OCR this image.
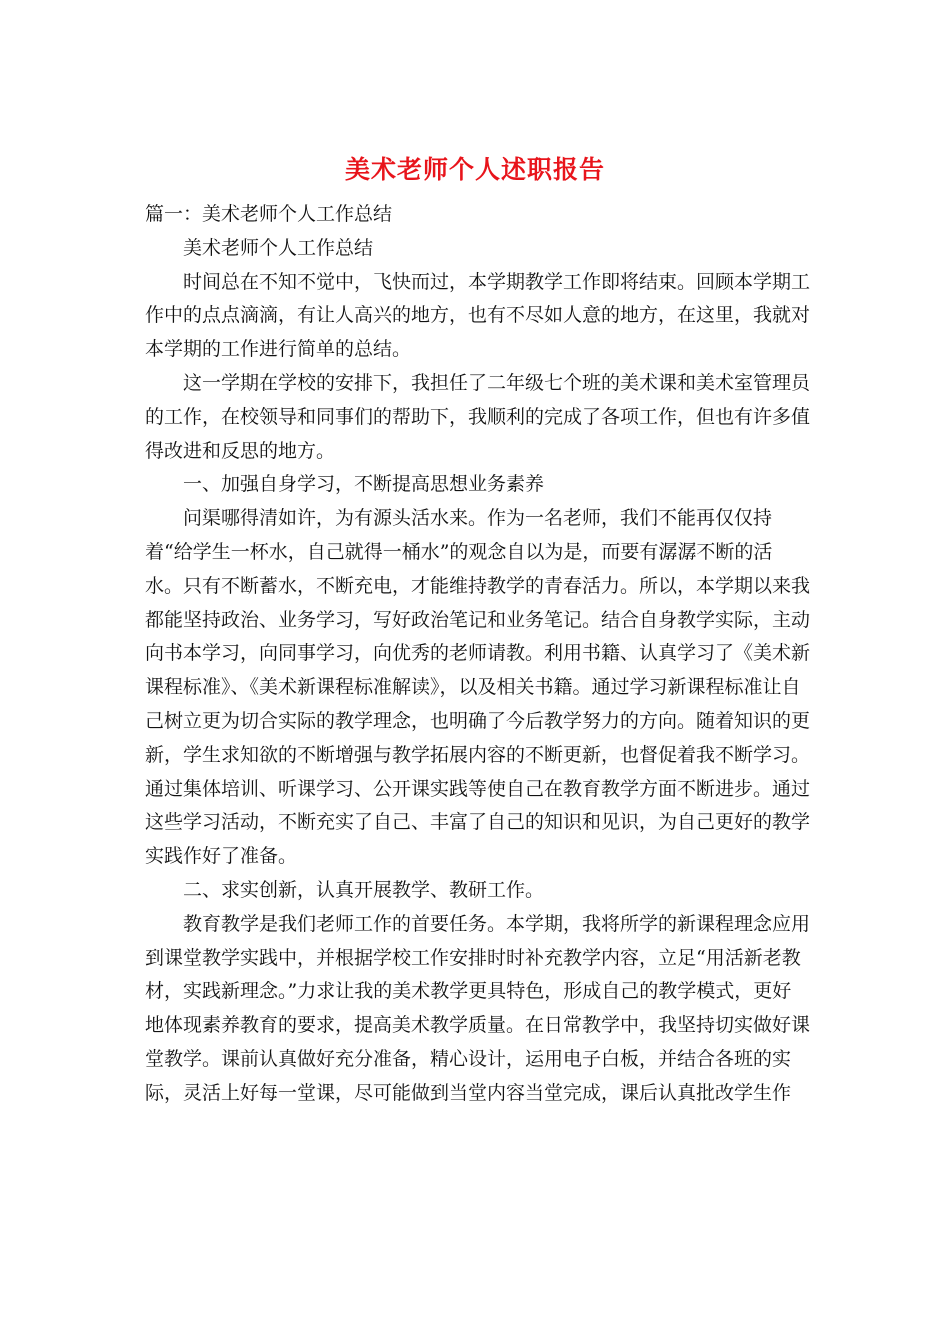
美术老师个人述职报告

篇一：美术老师个人工作总结

美术老师个人工作总结

时间总在不知不觉中，飞快而过，本学期教学工作即将结束。回顾本学期工作中的点点滴滴，有让人高兴的地方，也有不尽如人意的地方，在这里，我就对本学期的工作进行简单的总结。

这一学期在学校的安排下，我担任了二年级七个班的美术课和美术室管理员的工作，在校领导和同事们的帮助下，我顺利的完成了各项工作，但也有许多值得改进和反思的地方。

一、加强自身学习，不断提高思想业务素养

问渠哪得清如许，为有源头活水来。作为一名老师，我们不能再仅仅持着“给学生一杯水，自己就得一桶水”的观念自以为是，而要有潺潺不断的活水。只有不断蓄水，不断充电，才能维持教学的青春活力。所以，本学期以来我都能坚持政治、业务学习，写好政治笔记和业务笔记。结合自身教学实际，主动向书本学习，向同事学习，向优秀的老师请教。利用书籍、认真学习了《美术新课程标准》、《美术新课程标准解读》，以及相关书籍。通过学习新课程标准让自己树立更为切合实际的教学理念，也明确了今后教学努力的方向。随着知识的更新，学生求知欲的不断增强与教学拓展内容的不断更新，也督促着我不断学习。通过集体培训、听课学习、公开课实践等使自己在教育教学方面不断进步。通过这些学习活动，不断充实了自己、丰富了自己的知识和见识，为自己更好的教学实践作好了准备。

二、求实创新，认真开展教学、教研工作。

教育教学是我们老师工作的首要任务。本学期，我将所学的新课程理念应用到课堂教学实践中，并根据学校工作安排时时补充教学内容，立足“用活新老教材，实践新理念。”力求让我的美术教学更具特色，形成自己的教学模式，更好地体现素养教育的要求，提高美术教学质量。在日常教学中，我坚持切实做好课堂教学。课前认真做好充分准备，精心设计，运用电子白板，并结合各班的实际，灵活上好每一堂课，尽可能做到当堂内容当堂完成，课后认真批改学生作
